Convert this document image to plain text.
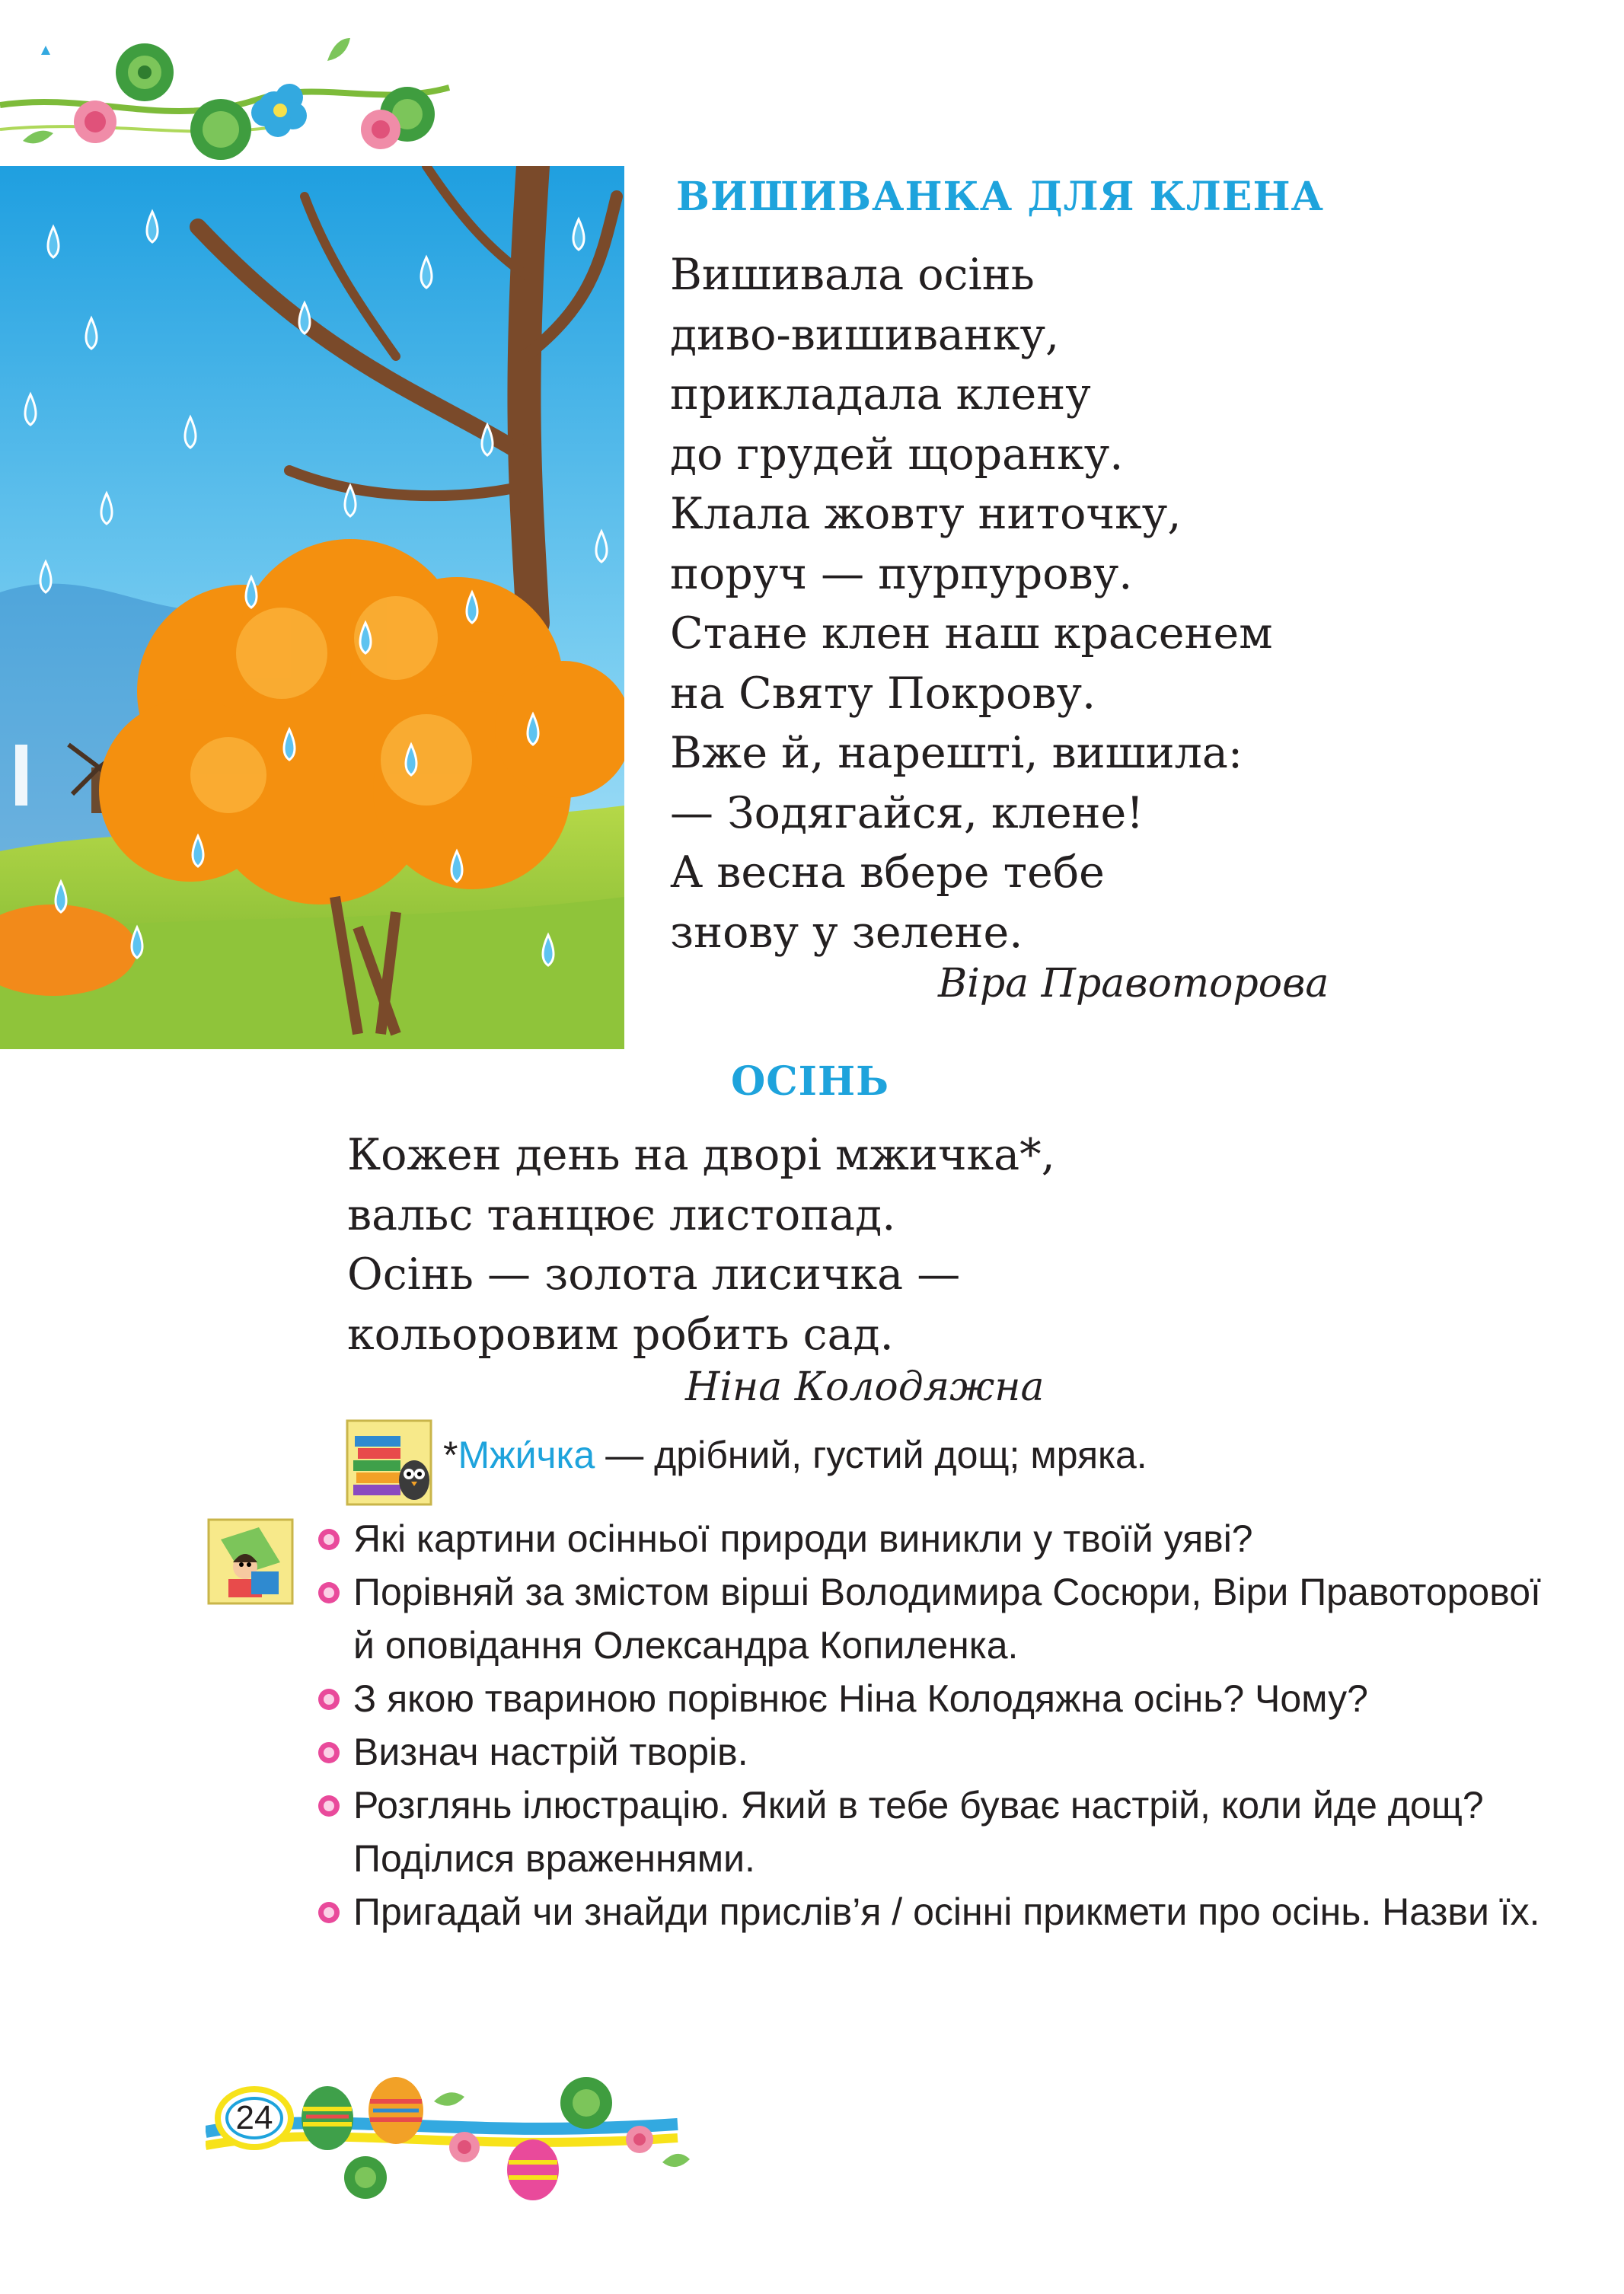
ВИШИВАНКА ДЛЯ КЛЕНА

Вишивала осінь

диво-вишиванку,

прикладала клену

до грудей щоранку.

Клала жовту ниточку,

поруч — пурпурову.

Стане клен наш красенем

на Святу Покрову.

Вже й, нарешті, вишила:

— Зодягайся, клене!

А весна вбере тебе

знову у зелене.

Віра Правоторова

ОСІНЬ

Кожен день на дворі мжичка*,

вальс танцює листопад.

Осінь — золота лисичка —

кольоровим робить сад.

Ніна Колодяжна

*Мжи́чка — дрібний, густий дощ; мряка.
Які картини осінньої природи виникли у твоїй уяві?
Порівняй за змістом вірші Володимира Сосюри, Віри Правоторової й оповідання Олександра Копиленка.
З якою твариною порівнює Ніна Колодяжна осінь? Чому?
Визнач настрій творів.
Розглянь ілюстрацію. Який в тебе буває настрій, коли йде дощ? Поділися враженнями.
Пригадай чи знайди прислів’я / осінні прикмети про осінь. Назви їх.
24
